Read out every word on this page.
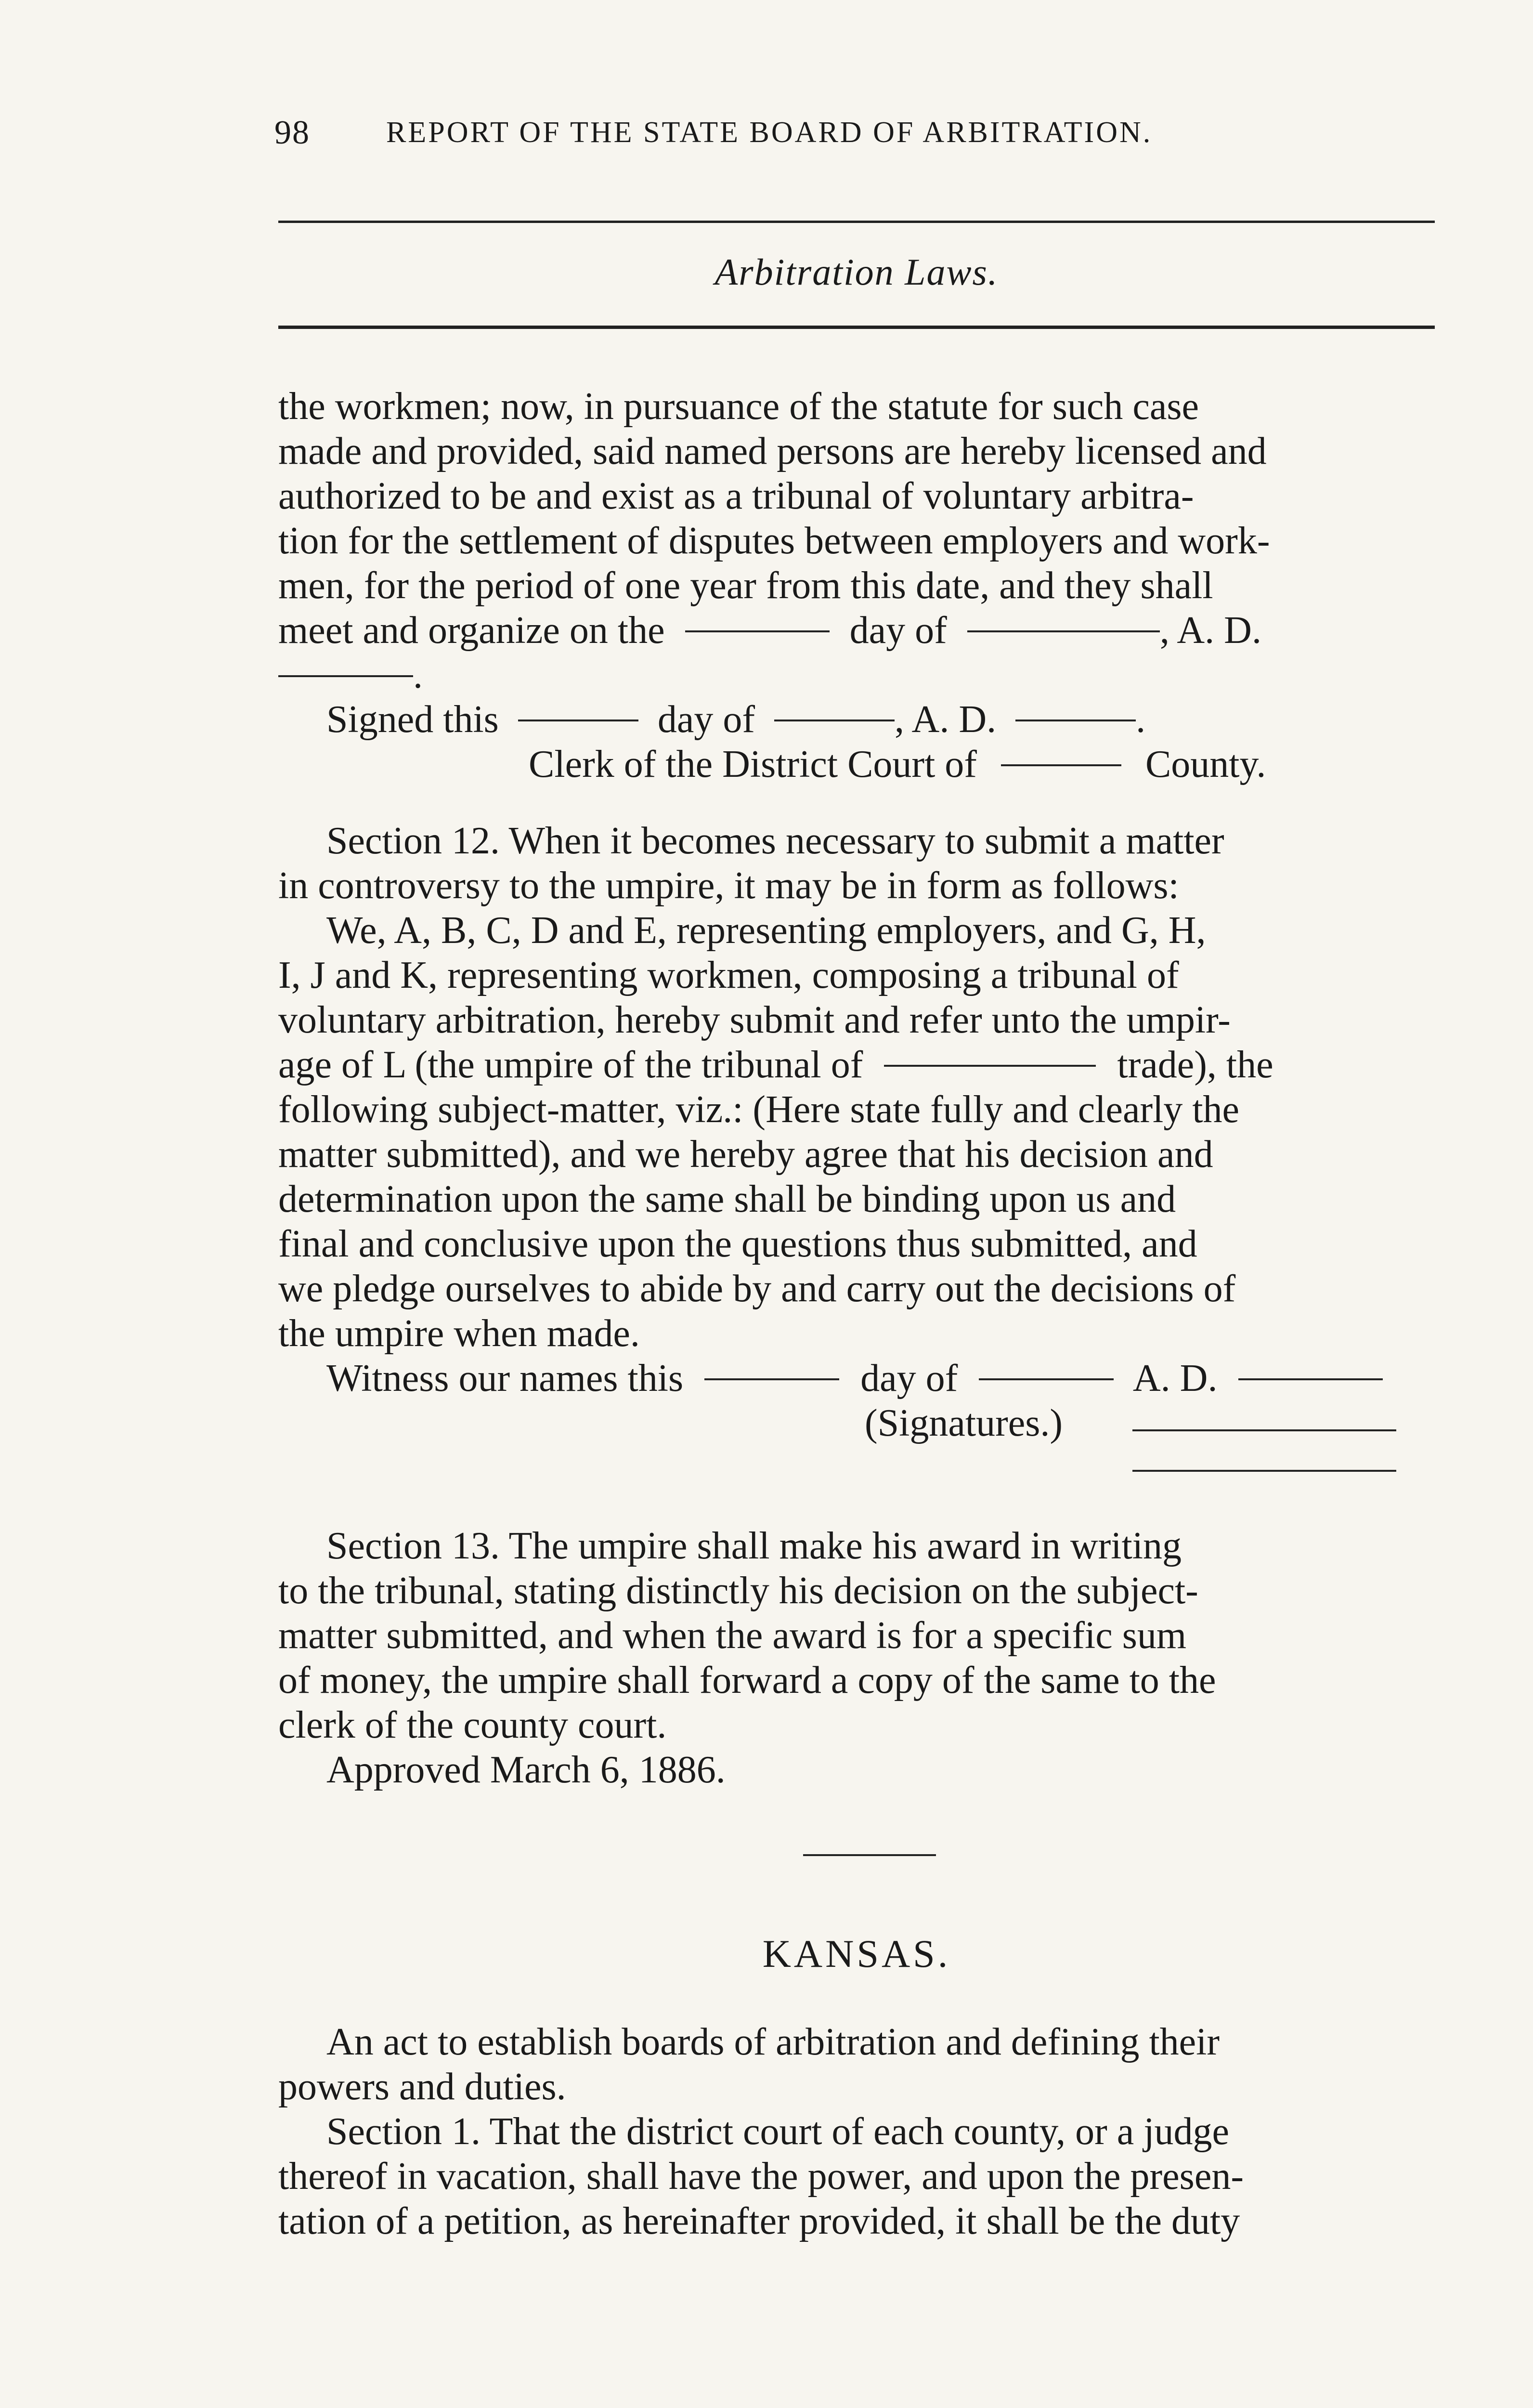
98	REPORT OF THE STATE BOARD OF ARBITRATION.
Arbitration Laws.

the workmen; now, in pursuance of the statute for such case

made and provided, said named persons are hereby licensed and

authorized to be and exist as a tribunal of voluntary arbitra-

tion for the settlement of disputes between employers and work-

men, for the period of one year from this date, and they shall

meet and organize on the	day of	, A. D.

.

Signed this	day of	, A. D.	.

Clerk of the District Court of	County.

Section 12. When it becomes necessary to submit a matter

in controversy to the umpire, it may be in form as follows:

We, A, B, C, D and E, representing employers, and G, H,

I, J and K, representing workmen, composing a tribunal of

voluntary arbitration, hereby submit and refer unto the umpir-

age of L (the umpire of the tribunal of	trade), the

following subject-matter, viz.: (Here state fully and clearly the

matter submitted), and we hereby agree that his decision and

determination upon the same shall be binding upon us and

final and conclusive upon the questions thus submitted, and

we pledge ourselves to abide by and carry out the decisions of

the umpire when made.

Witness our names this	day of	A. D.

(Signatures.)

Section 13. The umpire shall make his award in writing

to the tribunal, stating distinctly his decision on the subject-

matter submitted, and when the award is for a specific sum

of money, the umpire shall forward a copy of the same to the

clerk of the county court.

Approved March 6, 1886.

KANSAS.

An act to establish boards of arbitration and defining their

powers and duties.

Section 1. That the district court of each county, or a judge

thereof in vacation, shall have the power, and upon the presen-

tation of a petition, as hereinafter provided, it shall be the duty
